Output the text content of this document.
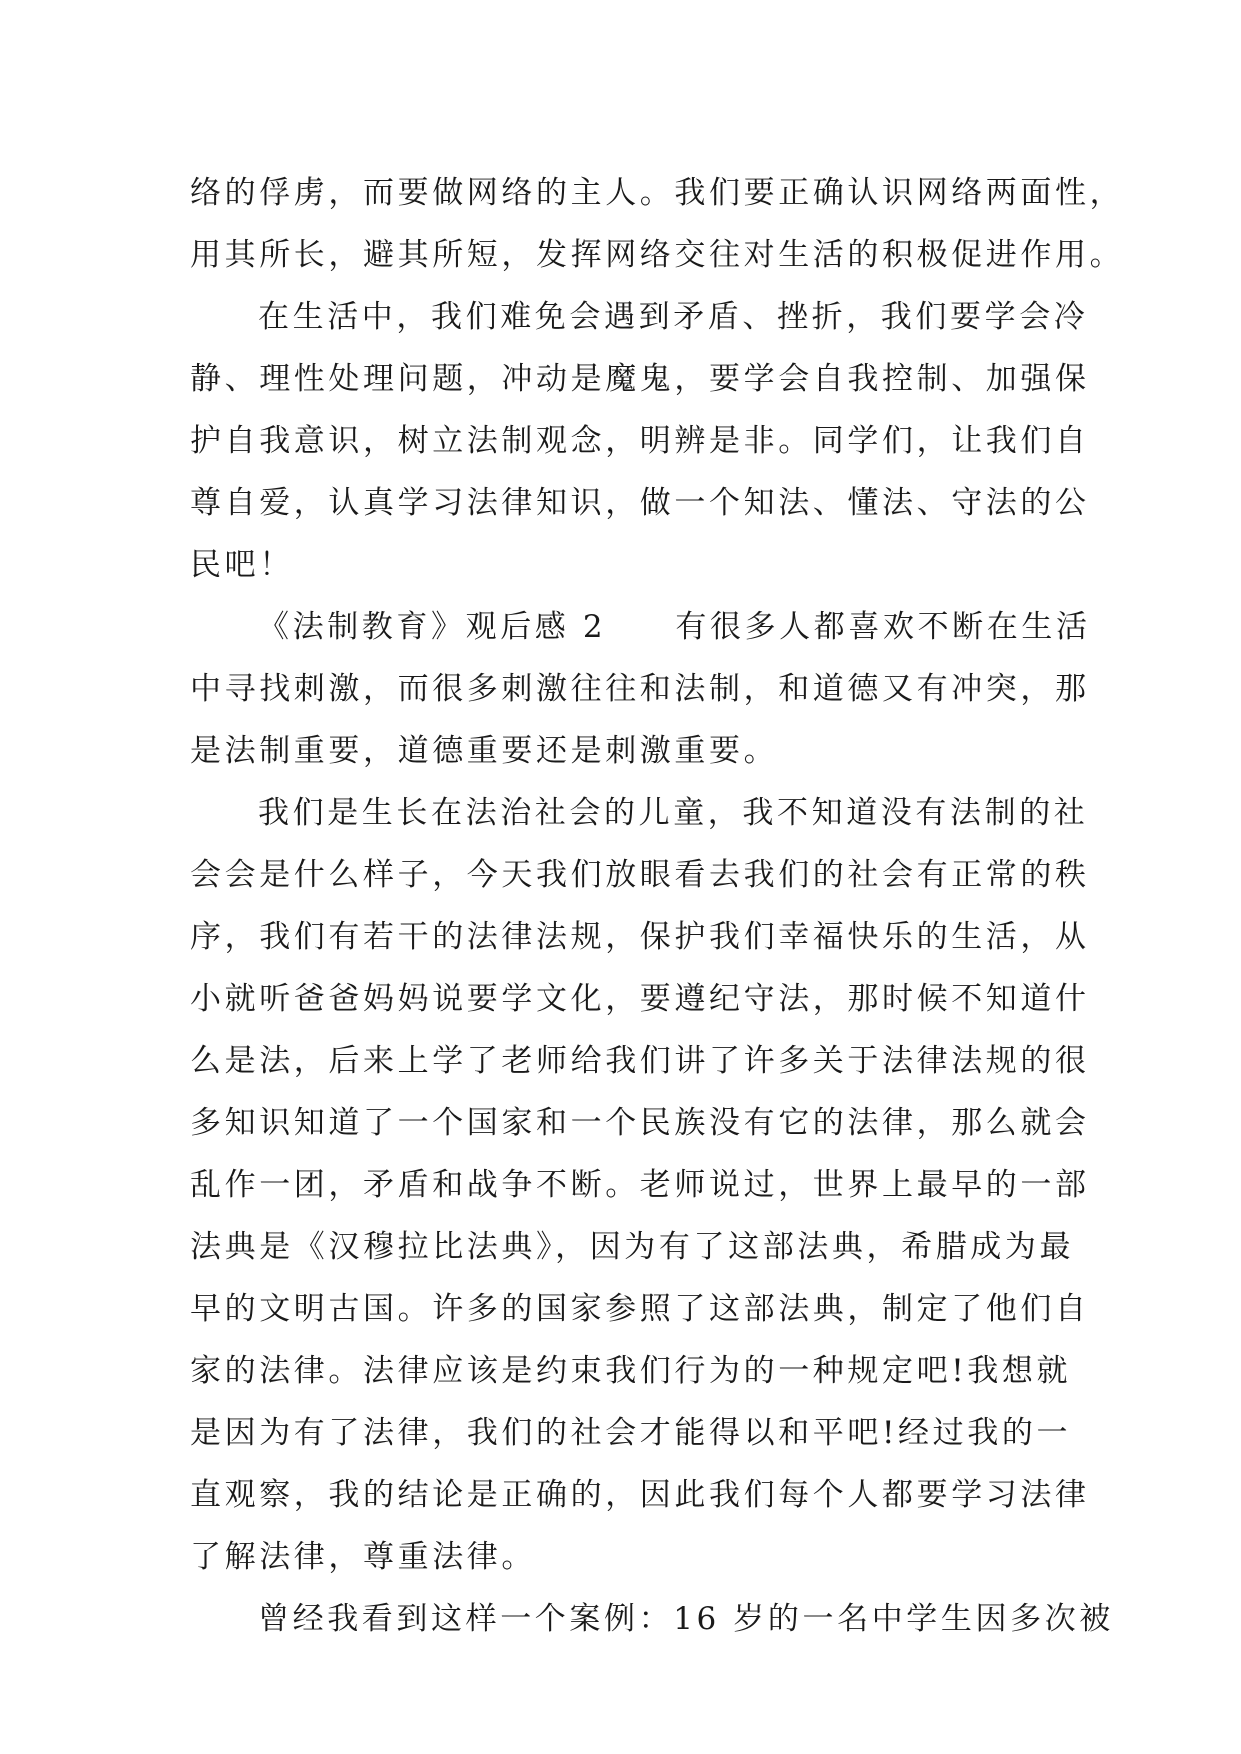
络的俘虏，而要做网络的主人。我们要正确认识网络两面性，

用其所长，避其所短，发挥网络交往对生活的积极促进作用。

在生活中，我们难免会遇到矛盾、挫折，我们要学会冷

静、理性处理问题，冲动是魔鬼，要学会自我控制、加强保

护自我意识，树立法制观念，明辨是非。同学们，让我们自

尊自爱，认真学习法律知识，做一个知法、懂法、守法的公

民吧！

《法制教育》观后感 2　　有很多人都喜欢不断在生活

中寻找刺激，而很多刺激往往和法制，和道德又有冲突，那

是法制重要，道德重要还是刺激重要。

我们是生长在法治社会的儿童，我不知道没有法制的社

会会是什么样子，今天我们放眼看去我们的社会有正常的秩

序，我们有若干的法律法规，保护我们幸福快乐的生活，从

小就听爸爸妈妈说要学文化，要遵纪守法，那时候不知道什

么是法，后来上学了老师给我们讲了许多关于法律法规的很

多知识知道了一个国家和一个民族没有它的法律，那么就会

乱作一团，矛盾和战争不断。老师说过，世界上最早的一部

法典是《汉穆拉比法典》，因为有了这部法典，希腊成为最

早的文明古国。许多的国家参照了这部法典，制定了他们自

家的法律。法律应该是约束我们行为的一种规定吧!我想就

是因为有了法律，我们的社会才能得以和平吧!经过我的一

直观察，我的结论是正确的，因此我们每个人都要学习法律

了解法律，尊重法律。

曾经我看到这样一个案例：16 岁的一名中学生因多次被
